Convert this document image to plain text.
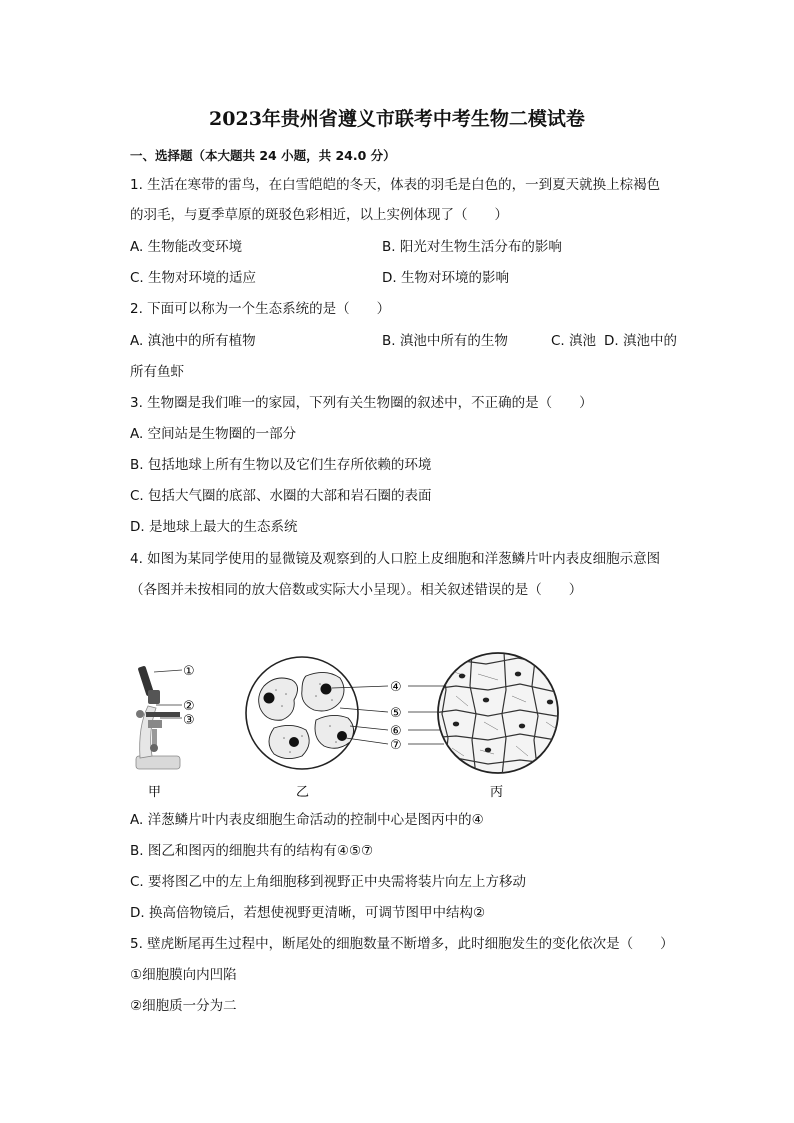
2023年贵州省遵义市联考中考生物二模试卷

一、选择题（本大题共 24 小题，共 24.0 分）

1. 生活在寒带的雷鸟，在白雪皑皑的冬天，体表的羽毛是白色的，一到夏天就换上棕褐色

的羽毛，与夏季草原的斑驳色彩相近，以上实例体现了（　　）

A. 生物能改变环境	B. 阳光对生物生活分布的影响
C. 生物对环境的适应	D. 生物对环境的影响

2. 下面可以称为一个生态系统的是（　　）

A. 滇池中的所有植物	B. 滇池中所有的生物	C. 滇池 D. 滇池中的

所有鱼虾

3. 生物圈是我们唯一的家园，下列有关生物圈的叙述中，不正确的是（　　）

A. 空间站是生物圈的一部分

B. 包括地球上所有生物以及它们生存所依赖的环境

C. 包括大气圈的底部、水圈的大部和岩石圈的表面

D. 是地球上最大的生态系统

4. 如图为某同学使用的显微镜及观察到的人口腔上皮细胞和洋葱鳞片叶内表皮细胞示意图

（各图并未按相同的放大倍数或实际大小呈现）。相关叙述错误的是（　　）

①
②
③
④
⑤
⑥
⑦
甲	乙	丙

A. 洋葱鳞片叶内表皮细胞生命活动的控制中心是图丙中的④

B. 图乙和图丙的细胞共有的结构有④⑤⑦

C. 要将图乙中的左上角细胞移到视野正中央需将装片向左上方移动

D. 换高倍物镜后，若想使视野更清晰，可调节图甲中结构②

5. 壁虎断尾再生过程中，断尾处的细胞数量不断增多，此时细胞发生的变化依次是（　　）

①细胞膜向内凹陷

②细胞质一分为二
